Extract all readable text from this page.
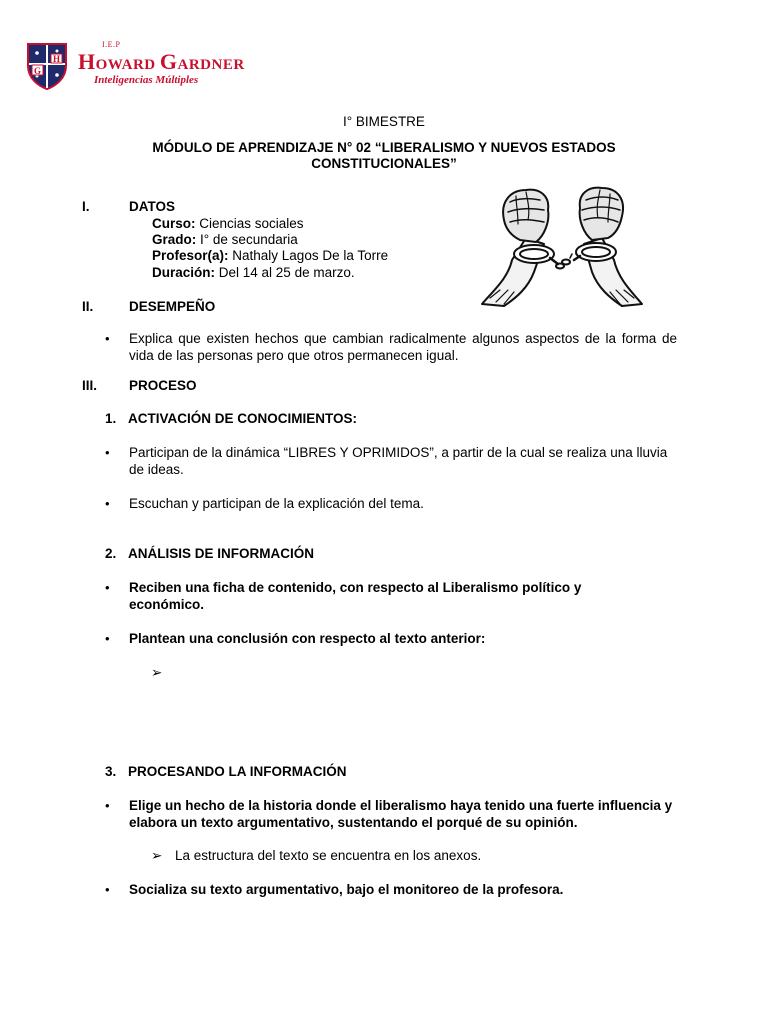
H
G
I.E.P
HOWARD GARDNER
Inteligencias Múltiples
I° BIMESTRE
MÓDULO DE APRENDIZAJE N° 02 “LIBERALISMO Y NUEVOS ESTADOS
CONSTITUCIONALES”
I.	DATOS
Curso: Ciencias sociales
Grado: I° de secundaria
Profesor(a): Nathaly Lagos De la Torre
Duración: Del 14 al 25 de marzo.
II.	DESEMPEÑO
• Explica que existen hechos que cambian radicalmente algunos aspectos de la forma de vida de las personas pero que otros permanecen igual.
III. PROCESO
1. ACTIVACIÓN DE CONOCIMIENTOS:
• Participan de la dinámica “LIBRES Y OPRIMIDOS”, a partir de la cual se realiza una lluvia de ideas.
• Escuchan y participan de la explicación del tema.
2. ANÁLISIS DE INFORMACIÓN
• Reciben una ficha de contenido, con respecto al Liberalismo político y económico.
• Plantean una conclusión con respecto al texto anterior:
➢
3. PROCESANDO LA INFORMACIÓN
• Elige un hecho de la historia donde el liberalismo haya tenido una fuerte influencia y elabora un texto argumentativo, sustentando el porqué de su opinión.
➢ La estructura del texto se encuentra en los anexos.
• Socializa su texto argumentativo, bajo el monitoreo de la profesora.
